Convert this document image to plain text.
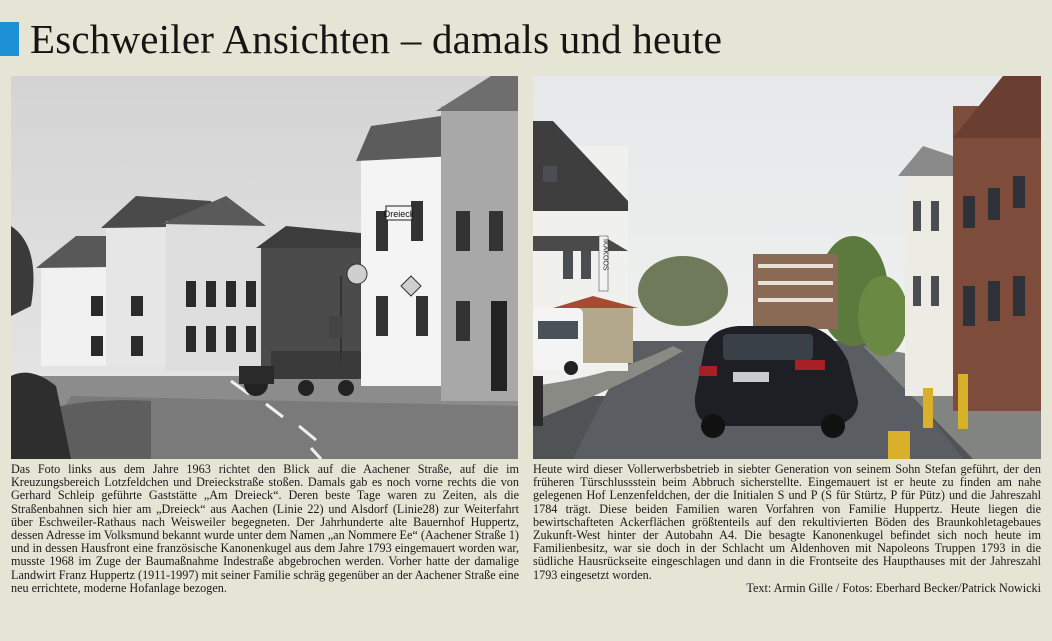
Eschweiler Ansichten – damals und heute
Dreieck
IKAKOOS
Das Foto links aus dem Jahre 1963 richtet den Blick auf die Aachener Straße, auf die im Kreuzungsbereich Lotzfeldchen und Dreieckstraße stoßen. Damals gab es noch vorne rechts die von Gerhard Schleip geführte Gaststätte „Am Dreieck“. Deren beste Tage waren zu Zeiten, als die Straßenbahnen sich hier am „Dreieck“ aus Aachen (Linie 22) und Alsdorf (Linie28) zur Weiterfahrt über Eschweiler-Rathaus nach Weisweiler begegneten. Der Jahrhunderte alte Bauernhof Huppertz, dessen Adresse im Volksmund bekannt wurde unter dem Namen „an Nommere Ee“ (Aachener Straße 1) und in dessen Hausfront eine französische Kanonenkugel aus dem Jahre 1793 eingemauert worden war, musste 1968 im Zuge der Baumaßnahme Indestraße abgebrochen werden. Vorher hatte der damalige Landwirt Franz Huppertz (1911-1997) mit seiner Familie schräg gegenüber an der Aachener Straße eine neu errichtete, moderne Hofanlage bezogen.
Heute wird dieser Vollerwerbsbetrieb in siebter Generation von seinem Sohn Stefan geführt, der den früheren Türschlussstein beim Abbruch sicherstellte. Eingemauert ist er heute zu finden am nahe gelegenen Hof Lenzenfeldchen, der die Initialen S und P (S für Stürtz, P für Pütz) und die Jahreszahl 1784 trägt. Diese beiden Familien waren Vorfahren von Familie Huppertz. Heute liegen die bewirtschafteten Ackerflächen größtenteils auf den rekultivierten Böden des Braunkohletagebaues Zukunft-West hinter der Autobahn A4. Die besagte Kanonenkugel befindet sich noch heute im Familienbesitz, war sie doch in der Schlacht um Aldenhoven mit Napoleons Truppen 1793 in die südliche Hausrückseite eingeschlagen und dann in die Frontseite des Haupthauses mit der Jahreszahl 1793 eingesetzt worden.
Text: Armin Gille / Fotos: Eberhard Becker/Patrick Nowicki
